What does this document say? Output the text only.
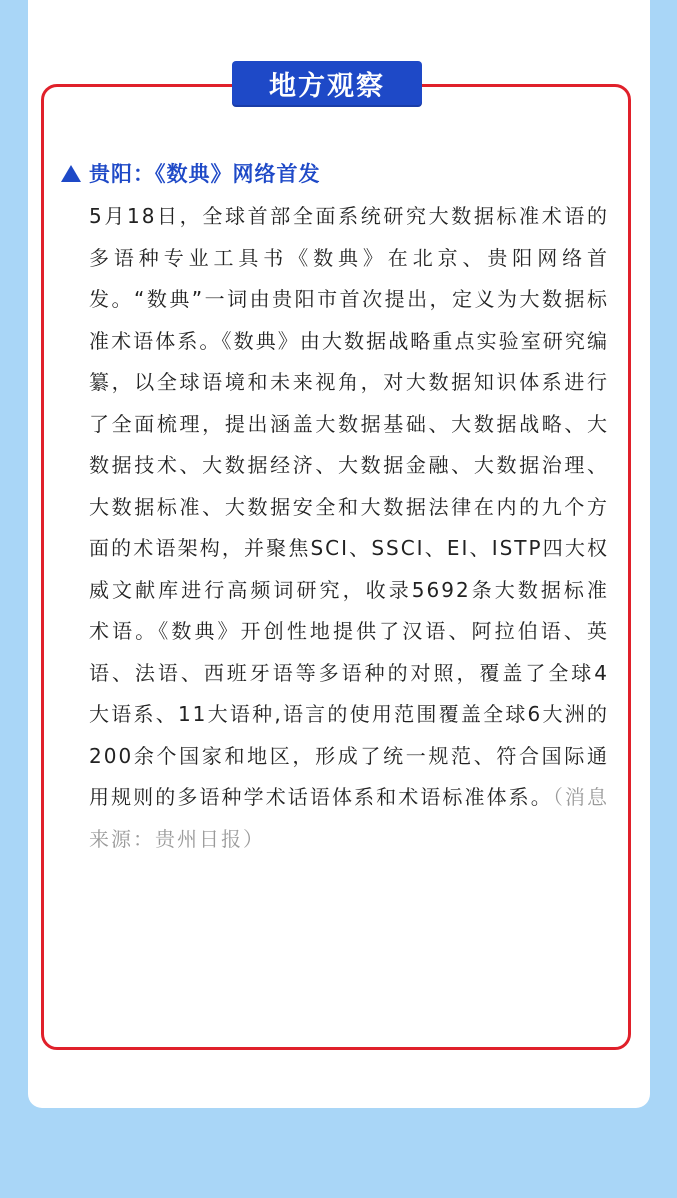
地方观察
贵阳：《数典》网络首发
5月18日，全球首部全面系统研究大数据标准术语的多语种专业工具书《数典》在北京、贵阳网络首发。“数典”一词由贵阳市首次提出，定义为大数据标准术语体系。《数典》由大数据战略重点实验室研究编纂，以全球语境和未来视角，对大数据知识体系进行了全面梳理，提出涵盖大数据基础、大数据战略、大数据技术、大数据经济、大数据金融、大数据治理、大数据标准、大数据安全和大数据法律在内的九个方面的术语架构，并聚焦SCI、SSCI、EI、ISTP四大权威文献库进行高频词研究，收录5692条大数据标准术语。《数典》开创性地提供了汉语、阿拉伯语、英语、法语、西班牙语等多语种的对照，覆盖了全球4大语系、11大语种,语言的使用范围覆盖全球6大洲的200余个国家和地区，形成了统一规范、符合国际通用规则的多语种学术话语体系和术语标准体系。（消息来源：贵州日报）
